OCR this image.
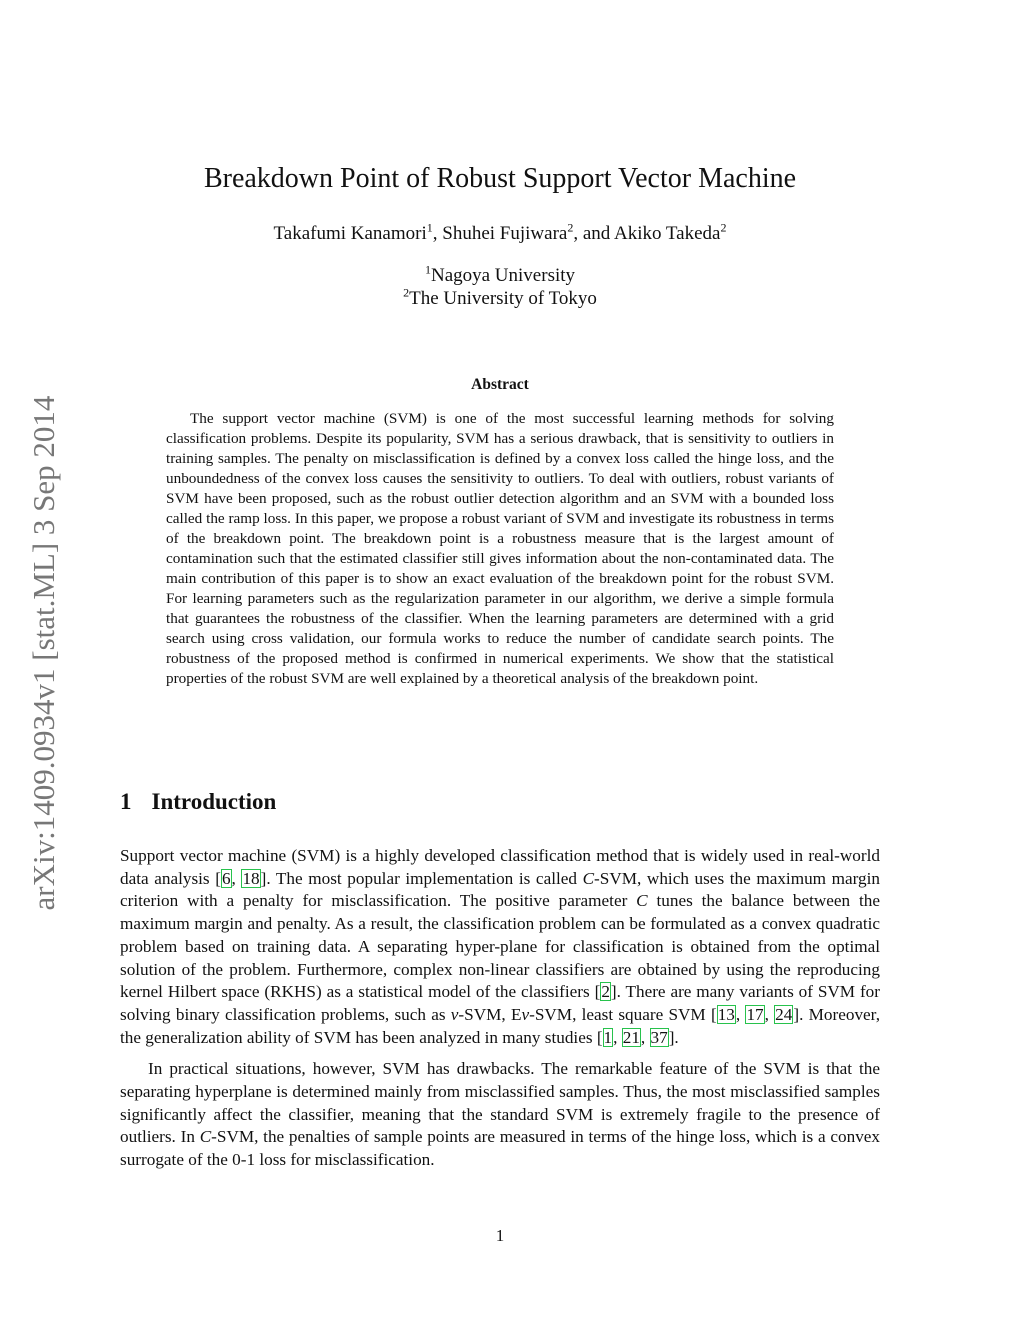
arXiv:1409.0934v1 [stat.ML] 3 Sep 2014
Breakdown Point of Robust Support Vector Machine
Takafumi Kanamori$^1$, Shuhei Fujiwara$^2$, and Akiko Takeda$^2$
$^1$Nagoya University
$^2$The University of Tokyo
Abstract

The support vector machine (SVM) is one of the most successful learning methods for solving classification problems. Despite its popularity, SVM has a serious drawback, that is sensitivity to outliers in training samples. The penalty on misclassification is defined by a convex loss called the hinge loss, and the unboundedness of the convex loss causes the sensitivity to outliers. To deal with outliers, robust variants of SVM have been proposed, such as the robust outlier detection algorithm and an SVM with a bounded loss called the ramp loss. In this paper, we propose a robust variant of SVM and investigate its robustness in terms of the breakdown point. The breakdown point is a robustness measure that is the largest amount of contamination such that the estimated classifier still gives information about the non-contaminated data. The main contribution of this paper is to show an exact evaluation of the breakdown point for the robust SVM. For learning parameters such as the regularization parameter in our algorithm, we derive a simple formula that guarantees the robustness of the classifier. When the learning parameters are determined with a grid search using cross validation, our formula works to reduce the number of candidate search points. The robustness of the proposed method is confirmed in numerical experiments. We show that the statistical properties of the robust SVM are well explained by a theoretical analysis of the breakdown point.

1 Introduction

Support vector machine (SVM) is a highly developed classification method that is widely used in real-world data analysis [6, 18]. The most popular implementation is called C-SVM, which uses the maximum margin criterion with a penalty for misclassification. The positive parameter C tunes the balance between the maximum margin and penalty. As a result, the classification problem can be formulated as a convex quadratic problem based on training data. A separating hyper-plane for classification is obtained from the optimal solution of the problem. Furthermore, complex non-linear classifiers are obtained by using the reproducing kernel Hilbert space (RKHS) as a statistical model of the classifiers [2]. There are many variants of SVM for solving binary classification problems, such as ν-SVM, Eν-SVM, least square SVM [13, 17, 24]. Moreover, the generalization ability of SVM has been analyzed in many studies [1, 21, 37].

In practical situations, however, SVM has drawbacks. The remarkable feature of the SVM is that the separating hyperplane is determined mainly from misclassified samples. Thus, the most misclassified samples significantly affect the classifier, meaning that the standard SVM is extremely fragile to the presence of outliers. In C-SVM, the penalties of sample points are measured in terms of the hinge loss, which is a convex surrogate of the 0-1 loss for misclassification.

1
